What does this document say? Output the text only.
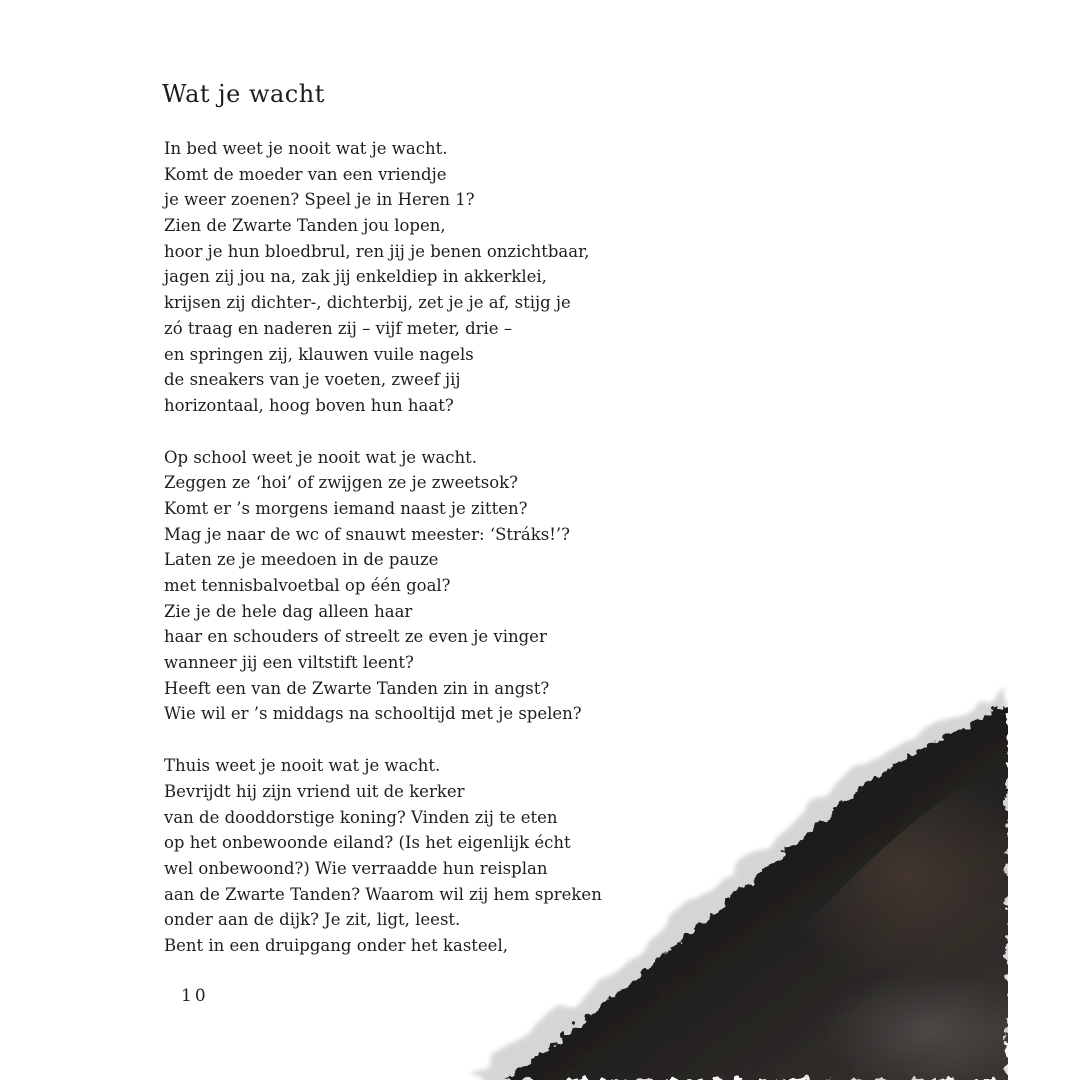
Wat je wacht
In bed weet je nooit wat je wacht.
Komt de moeder van een vriendje
je weer zoenen? Speel je in Heren 1?
Zien de Zwarte Tanden jou lopen,
hoor je hun bloedbrul, ren jij je benen onzichtbaar,
jagen zij jou na, zak jij enkeldiep in akkerklei,
krijsen zij dichter-, dichterbij, zet je je af, stijg je
zó traag en naderen zij – vijf meter, drie –
en springen zij, klauwen vuile nagels
de sneakers van je voeten, zweef jij
horizontaal, hoog boven hun haat?
Op school weet je nooit wat je wacht.
Zeggen ze ‘hoi’ of zwijgen ze je zweetsok?
Komt er ’s morgens iemand naast je zitten?
Mag je naar de wc of snauwt meester: ‘Stráks!’?
Laten ze je meedoen in de pauze
met tennisbalvoetbal op één goal?
Zie je de hele dag alleen haar
haar en schouders of streelt ze even je vinger
wanneer jij een viltstift leent?
Heeft een van de Zwarte Tanden zin in angst?
Wie wil er ’s middags na schooltijd met je spelen?
Thuis weet je nooit wat je wacht.
Bevrijdt hij zijn vriend uit de kerker
van de dooddorstige koning? Vinden zij te eten
op het onbewoonde eiland? (Is het eigenlijk écht
wel onbewoond?) Wie verraadde hun reisplan
aan de Zwarte Tanden? Waarom wil zij hem spreken
onder aan de dijk? Je zit, ligt, leest.
Bent in een druipgang onder het kasteel,
10
